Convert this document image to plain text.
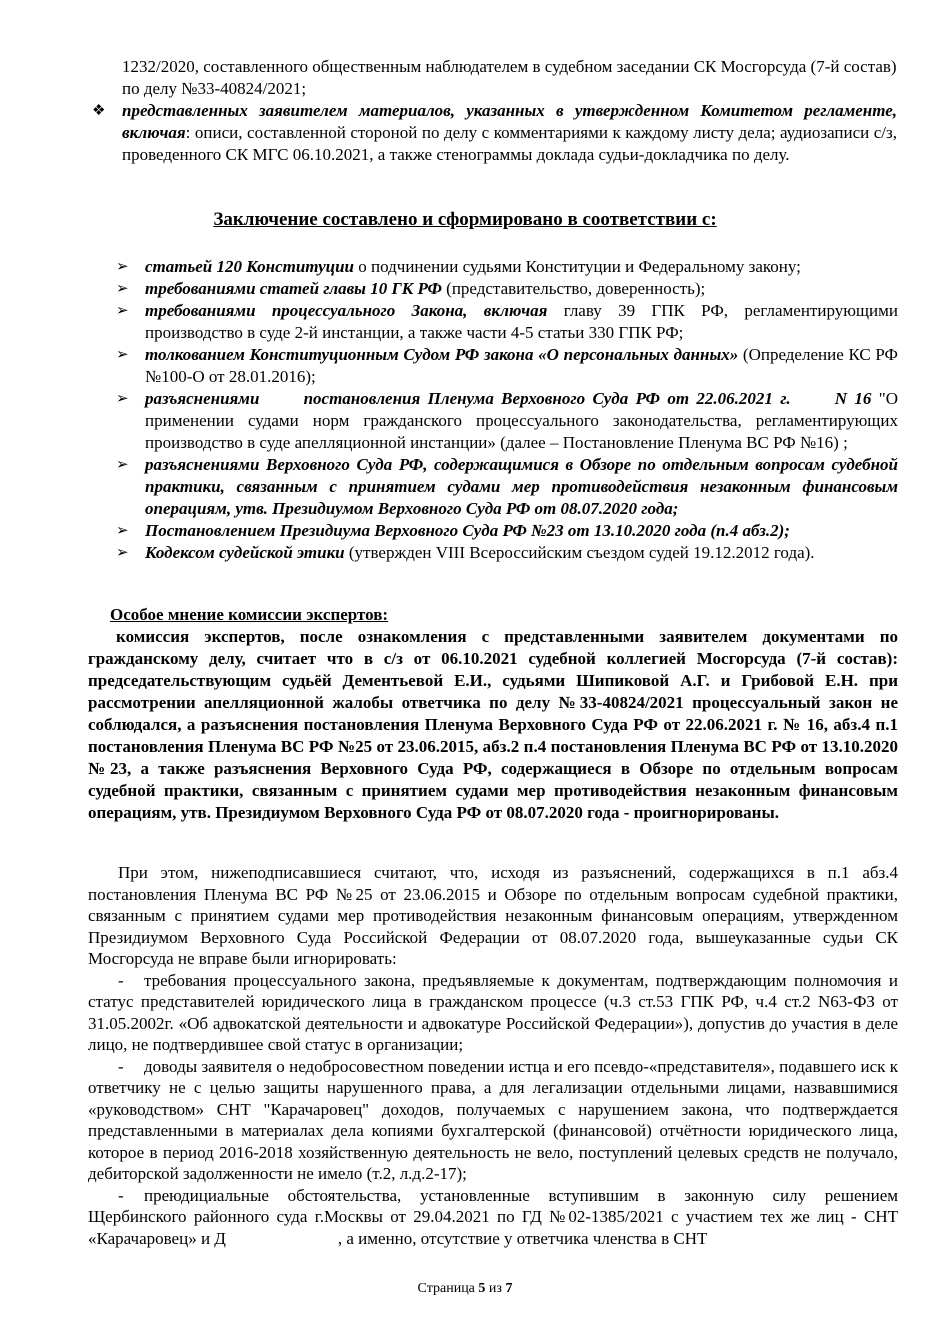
1232/2020, составленного общественным наблюдателем в судебном заседании СК Мосгорсуда (7-й состав) по делу №33-40824/2021;
❖ представленных заявителем материалов, указанных в утвержденном Комитетом регламенте, включая: описи, составленной стороной по делу с комментариями к каждому листу дела; аудиозаписи с/з, проведенного СК МГС 06.10.2021, а также стенограммы доклада судьи-докладчика по делу.
Заключение составлено и сформировано в соответствии с:
➢ статьей 120 Конституции о подчинении судьями Конституции и Федеральному закону;
➢ требованиями статей главы 10 ГК РФ (представительство, доверенность);
➢ требованиями процессуального Закона, включая главу 39 ГПК РФ, регламентирующими производство в суде 2-й инстанции, а также части 4-5 статьи 330 ГПК РФ;
➢ толкованием Конституционным Судом РФ закона «О персональных данных» (Определение КС РФ №100-О от 28.01.2016);
➢ разъяснениями      постановления Пленума Верховного Суда РФ от 22.06.2021 г.      N 16 "О применении судами норм гражданского процессуального законодательства, регламентирующих производство в суде апелляционной инстанции» (далее – Постановление Пленума ВС РФ №16) ;
➢ разъяснениями Верховного Суда РФ, содержащимися в Обзоре по отдельным вопросам судебной практики, связанным с принятием судами мер противодействия незаконным финансовым операциям, утв. Президиумом Верховного Суда РФ от 08.07.2020 года;
➢ Постановлением Президиума Верховного Суда РФ №23 от 13.10.2020 года (п.4 абз.2);
➢ Кодексом судейской этики (утвержден VIII Всероссийским съездом судей 19.12.2012 года).
Особое мнение комиссии экспертов:
комиссия экспертов, после ознакомления с представленными заявителем документами по гражданскому делу, считает что в с/з от 06.10.2021 судебной коллегией Мосгорсуда (7-й состав): председательствующим судьёй Дементьевой Е.И., судьями Шипиковой А.Г. и Грибовой Е.Н. при рассмотрении апелляционной жалобы ответчика по делу №33-40824/2021 процессуальный закон не соблюдался, а разъяснения постановления Пленума Верховного Суда РФ от 22.06.2021 г. № 16, абз.4 п.1 постановления Пленума ВС РФ №25 от 23.06.2015, абз.2 п.4 постановления Пленума ВС РФ от 13.10.2020 №23, а также разъяснения Верховного Суда РФ, содержащиеся в Обзоре по отдельным вопросам судебной практики, связанным с принятием судами мер противодействия незаконным финансовым операциям, утв. Президиумом Верховного Суда РФ от 08.07.2020 года - проигнорированы.

При этом, нижеподписавшиеся считают, что, исходя из разъяснений, содержащихся в п.1 абз.4 постановления Пленума ВС РФ №25 от 23.06.2015 и Обзоре по отдельным вопросам судебной практики, связанным с принятием судами мер противодействия незаконным финансовым операциям, утвержденном Президиумом Верховного Суда Российской Федерации от 08.07.2020 года, вышеуказанные судьи СК Мосгорсуда не вправе были игнорировать:

- требования процессуального закона, предъявляемые к документам, подтверждающим полномочия и статус представителей юридического лица в гражданском процессе (ч.3 ст.53 ГПК РФ, ч.4 ст.2 N63-ФЗ от 31.05.2002г. «Об адвокатской деятельности и адвокатуре Российской Федерации»), допустив до участия в деле лицо, не подтвердившее свой статус в организации;

- доводы заявителя о недобросовестном поведении истца и его псевдо-«представителя», подавшего иск к ответчику не с целью защиты нарушенного права, а для легализации отдельными лицами, назвавшимися «руководством» СНТ "Карачаровец" доходов, получаемых с нарушением закона, что подтверждается представленными в материалах дела копиями бухгалтерской (финансовой) отчётности юридического лица, которое в период 2016-2018 хозяйственную деятельность не вело, поступлений целевых средств не получало, дебиторской задолженности не имело (т.2, л.д.2-17);

- преюдициальные обстоятельства, установленные вступившим в законную силу решением Щербинского районного суда г.Москвы от 29.04.2021 по ГД №02-1385/2021 с участием тех же лиц - СНТ «Карачаровец» и Д	, а именно, отсутствие у ответчика членства в СНТ

Страница 5 из 7
